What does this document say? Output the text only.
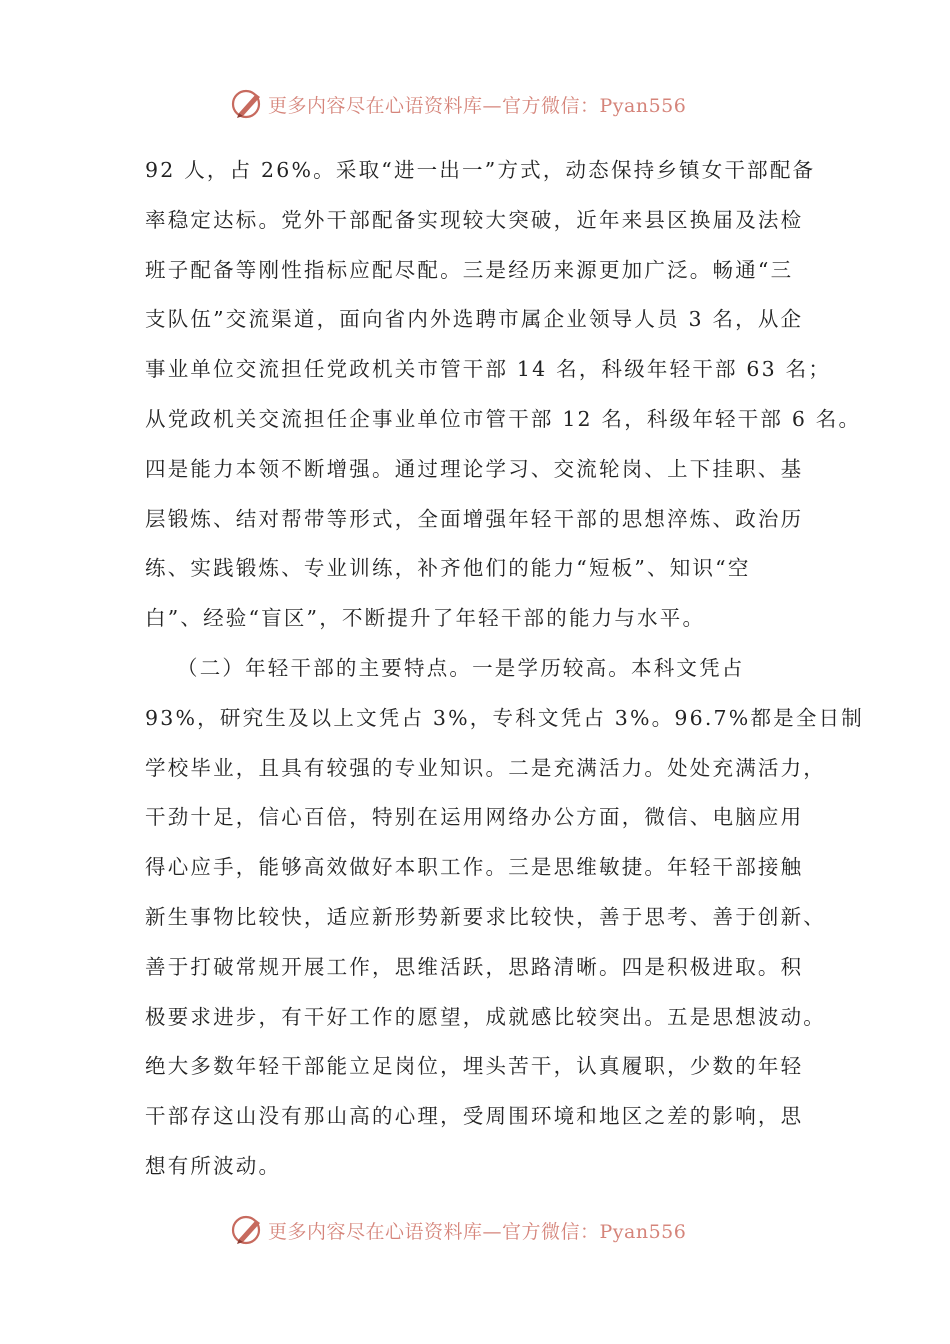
更多内容尽在心语资料库—官方微信：Pyan556
92 人，占 26%。采取“进一出一”方式，动态保持乡镇女干部配备
率稳定达标。党外干部配备实现较大突破，近年来县区换届及法检
班子配备等刚性指标应配尽配。三是经历来源更加广泛。畅通“三
支队伍”交流渠道，面向省内外选聘市属企业领导人员 3 名，从企
事业单位交流担任党政机关市管干部 14 名，科级年轻干部 63 名；
从党政机关交流担任企事业单位市管干部 12 名，科级年轻干部 6 名。
四是能力本领不断增强。通过理论学习、交流轮岗、上下挂职、基
层锻炼、结对帮带等形式，全面增强年轻干部的思想淬炼、政治历
练、实践锻炼、专业训练，补齐他们的能力“短板”、知识“空
白”、经验“盲区”，不断提升了年轻干部的能力与水平。
（二）年轻干部的主要特点。一是学历较高。本科文凭占
93%，研究生及以上文凭占 3%，专科文凭占 3%。96.7%都是全日制
学校毕业，且具有较强的专业知识。二是充满活力。处处充满活力，
干劲十足，信心百倍，特别在运用网络办公方面，微信、电脑应用
得心应手，能够高效做好本职工作。三是思维敏捷。年轻干部接触
新生事物比较快，适应新形势新要求比较快，善于思考、善于创新、
善于打破常规开展工作，思维活跃，思路清晰。四是积极进取。积
极要求进步，有干好工作的愿望，成就感比较突出。五是思想波动。
绝大多数年轻干部能立足岗位，埋头苦干，认真履职，少数的年轻
干部存这山没有那山高的心理，受周围环境和地区之差的影响，思
想有所波动。
更多内容尽在心语资料库—官方微信：Pyan556
